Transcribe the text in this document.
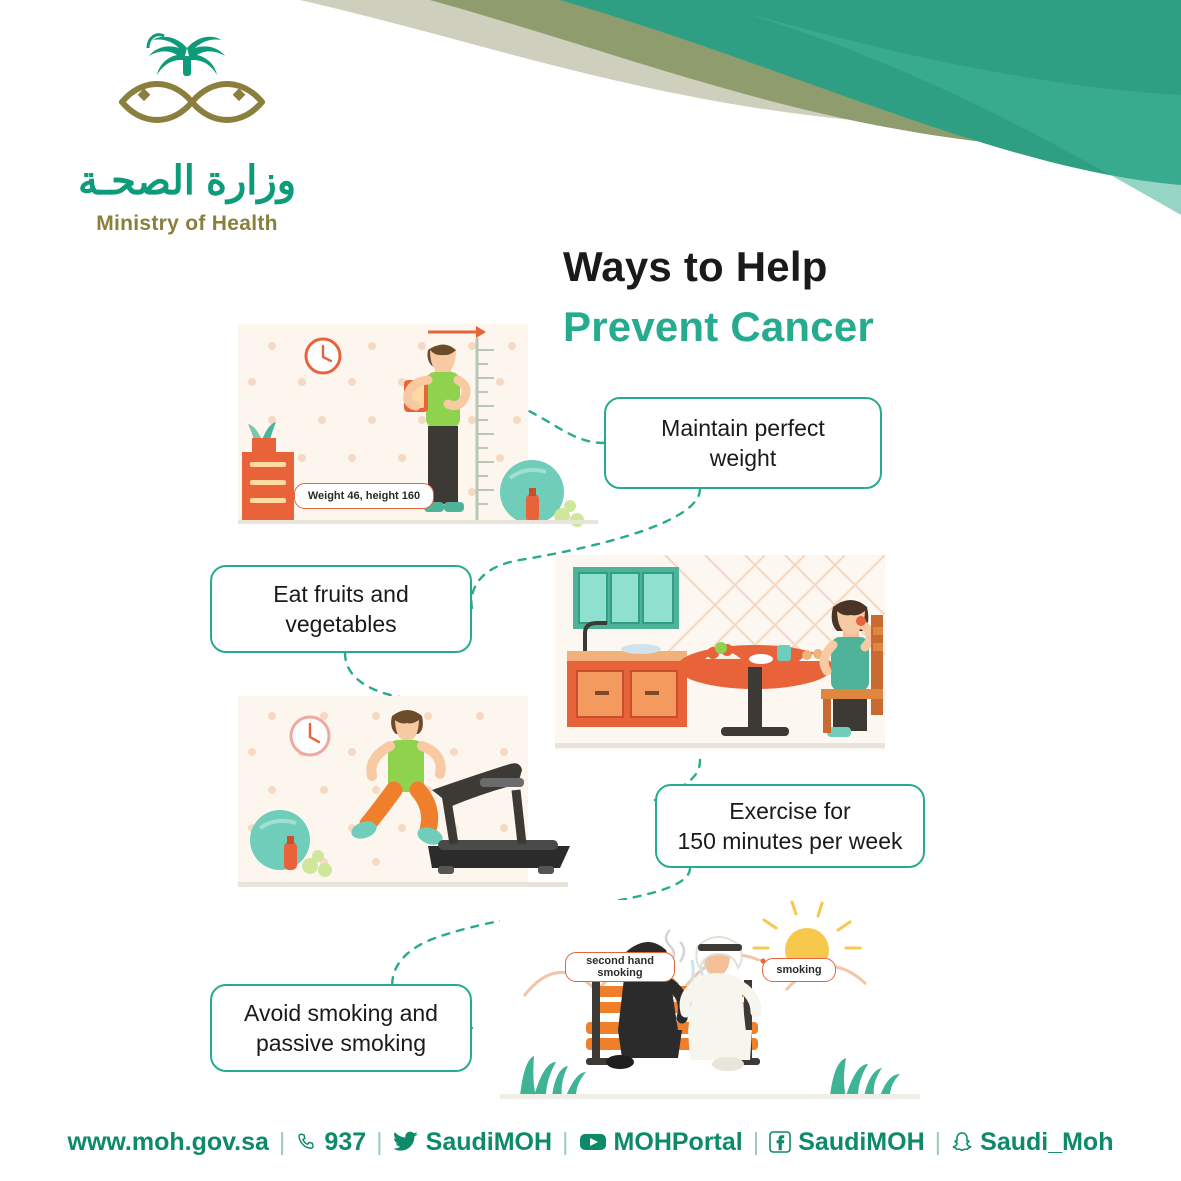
وزارة الصحـة
Ministry of Health
Ways to Help
Prevent Cancer
Weight 46, height 160
second hand
smoking	smoking
Maintain perfect
weight
Eat fruits and
vegetables
Exercise for
150 minutes per week
Avoid smoking and
passive smoking
www.moh.gov.sa | 937 | SaudiMOH | MOHPortal | SaudiMOH | Saudi_Moh
